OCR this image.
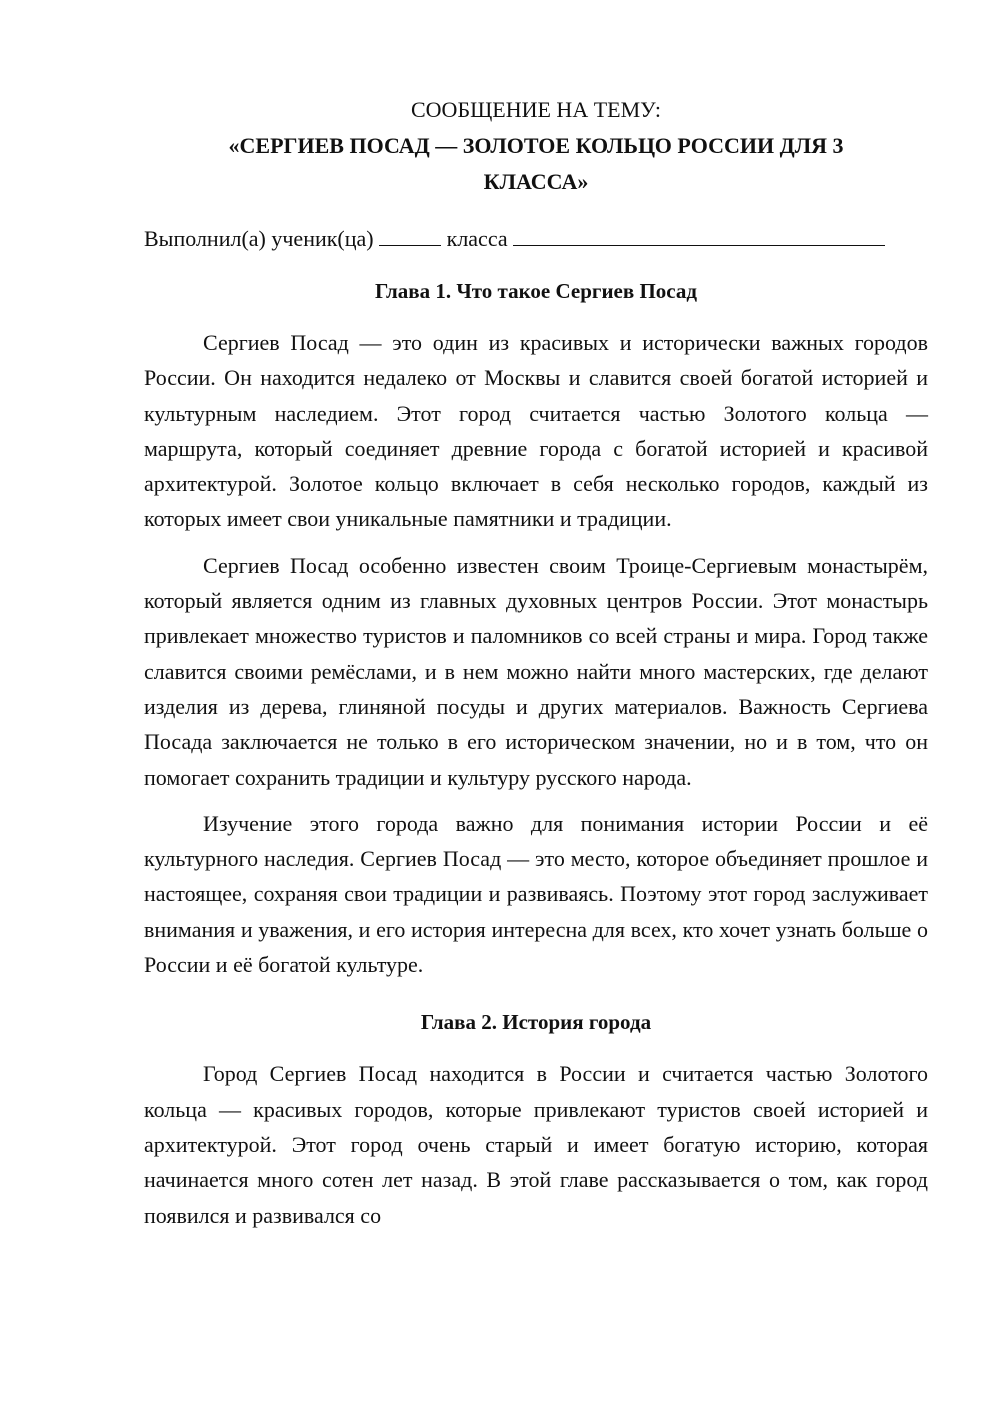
СООБЩЕНИЕ НА ТЕМУ:

«СЕРГИЕВ ПОСАД — ЗОЛОТОЕ КОЛЬЦО РОССИИ ДЛЯ 3 КЛАССА»

Выполнил(а) ученик(ца)	класса
Глава 1. Что такое Сергиев Посад

Сергиев Посад — это один из красивых и исторически важных городов России. Он находится недалеко от Москвы и славится своей богатой историей и культурным наследием. Этот город считается частью Золотого кольца — маршрута, который соединяет древние города с богатой историей и красивой архитектурой. Золотое кольцо включает в себя несколько городов, каждый из которых имеет свои уникальные памятники и традиции.

Сергиев Посад особенно известен своим Троице-Сергиевым монастырём, который является одним из главных духовных центров России. Этот монастырь привлекает множество туристов и паломников со всей страны и мира. Город также славится своими ремёслами, и в нем можно найти много мастерских, где делают изделия из дерева, глиняной посуды и других материалов. Важность Сергиева Посада заключается не только в его историческом значении, но и в том, что он помогает сохранить традиции и культуру русского народа.

Изучение этого города важно для понимания истории России и её культурного наследия. Сергиев Посад — это место, которое объединяет прошлое и настоящее, сохраняя свои традиции и развиваясь. Поэтому этот город заслуживает внимания и уважения, и его история интересна для всех, кто хочет узнать больше о России и её богатой культуре.

Глава 2. История города

Город Сергиев Посад находится в России и считается частью Золотого кольца — красивых городов, которые привлекают туристов своей историей и архитектурой. Этот город очень старый и имеет богатую историю, которая начинается много сотен лет назад. В этой главе рассказывается о том, как город появился и развивался со
